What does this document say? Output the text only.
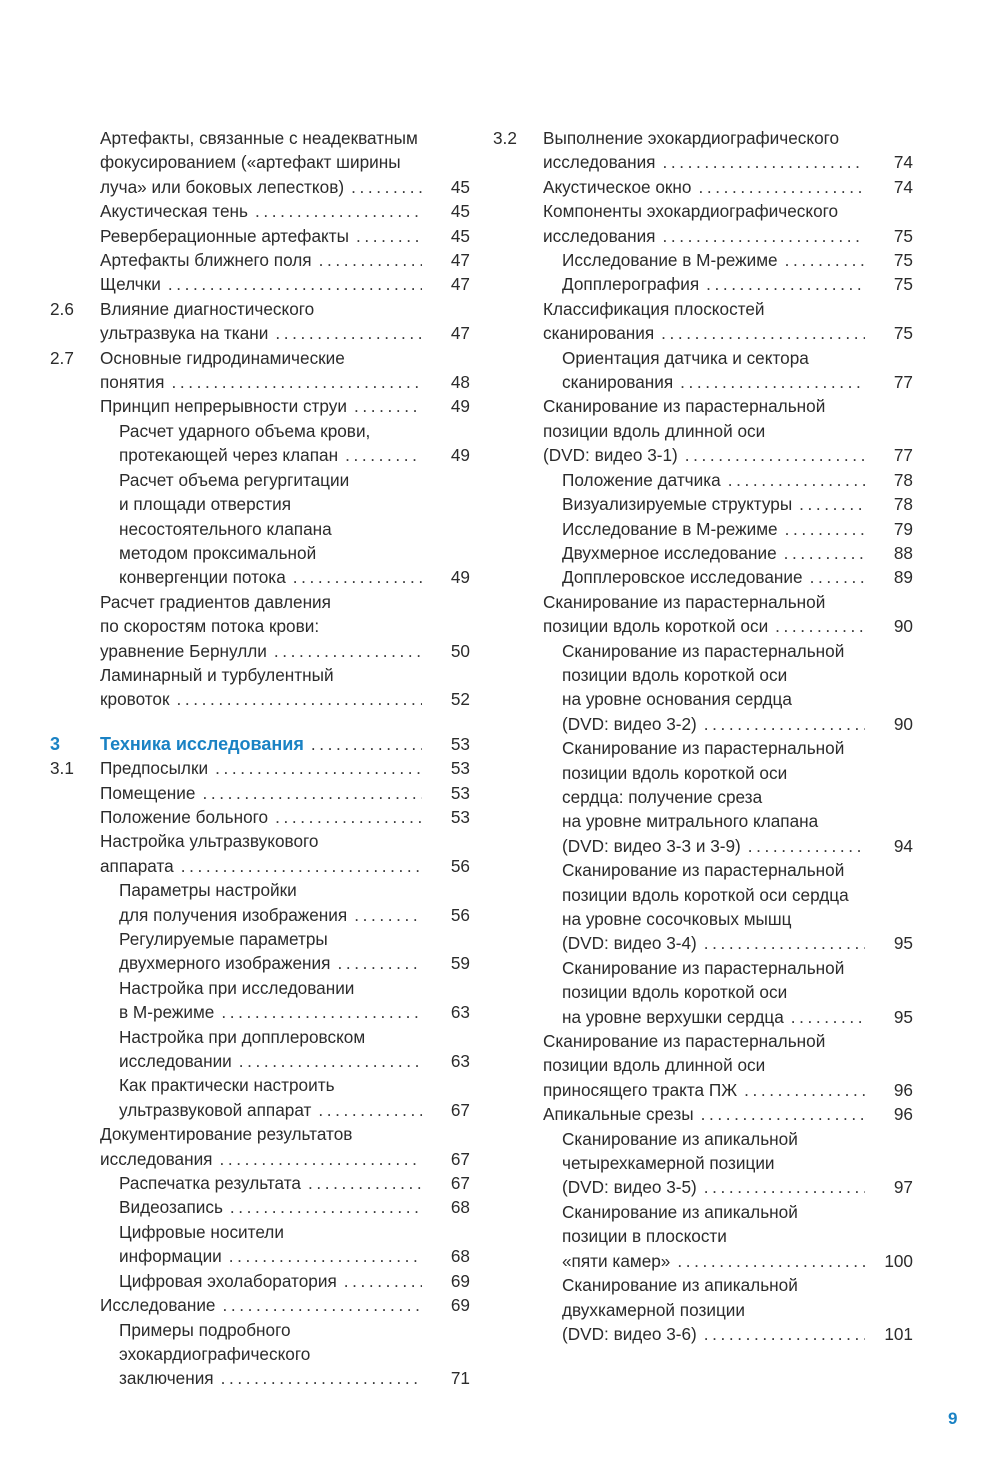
Артефакты, связанные с неадекватным
фокусированием («артефакт ширины
луча» или боковых лепестков) .....	45
Акустическая тень .....	45
Реверберационные артефакты .....	45
Артефакты ближнего поля .....	47
Щелчки .....	47
2.6 Влияние диагностического
ультразвука на ткани .....	47
2.7 Основные гидродинамические
понятия .....	48
Принцип непрерывности струи .....	49
Расчет ударного объема крови,
протекающей через клапан .....	49
Расчет объема регургитации
и площади отверстия
несостоятельного клапана
методом проксимальной
конвергенции потока .....	49
Расчет градиентов давления
по скоростям потока крови:
уравнение Бернулли .....	50
Ламинарный и турбулентный
кровоток .....	52
3 Техника исследования .....	53
3.1 Предпосылки .....	53
Помещение .....	53
Положение больного .....	53
Настройка ультразвукового
аппарата .....	56
Параметры настройки
для получения изображения .....	56
Регулируемые параметры
двухмерного изображения .....	59
Настройка при исследовании
в М-режиме .....	63
Настройка при допплеровском
исследовании .....	63
Как практически настроить
ультразвуковой аппарат .....	67
Документирование результатов
исследования .....	67
Распечатка результата .....	67
Видеозапись .....	68
Цифровые носители
информации .....	68
Цифровая эхолаборатория .....	69
Исследование .....	69
Примеры подробного
эхокардиографического
заключения .....	71
3.2 Выполнение эхокардиографического
исследования .....	74
Акустическое окно .....	74
Компоненты эхокардиографического
исследования .....	75
Исследование в М-режиме .....	75
Допплерография .....	75
Классификация плоскостей
сканирования .....	75
Ориентация датчика и сектора
сканирования .....	77
Сканирование из парастернальной
позиции вдоль длинной оси
(DVD: видео 3-1) .....	77
Положение датчика .....	78
Визуализируемые структуры .....	78
Исследование в М-режиме .....	79
Двухмерное исследование .....	88
Допплеровское исследование .....	89
Сканирование из парастернальной
позиции вдоль короткой оси .....	90
Сканирование из парастернальной
позиции вдоль короткой оси
на уровне основания сердца
(DVD: видео 3-2) .....	90
Сканирование из парастернальной
позиции вдоль короткой оси
сердца: получение среза
на уровне митрального клапана
(DVD: видео 3-3 и 3-9) .....	94
Сканирование из парастернальной
позиции вдоль короткой оси сердца
на уровне сосочковых мышц
(DVD: видео 3-4) .....	95
Сканирование из парастернальной
позиции вдоль короткой оси
на уровне верхушки сердца .....	95
Сканирование из парастернальной
позиции вдоль длинной оси
приносящего тракта ПЖ .....	96
Апикальные срезы .....	96
Сканирование из апикальной
четырехкамерной позиции
(DVD: видео 3-5) .....	97
Сканирование из апикальной
позиции в плоскости
«пяти камер» .....	100
Сканирование из апикальной
двухкамерной позиции
(DVD: видео 3-6) .....	101
9
